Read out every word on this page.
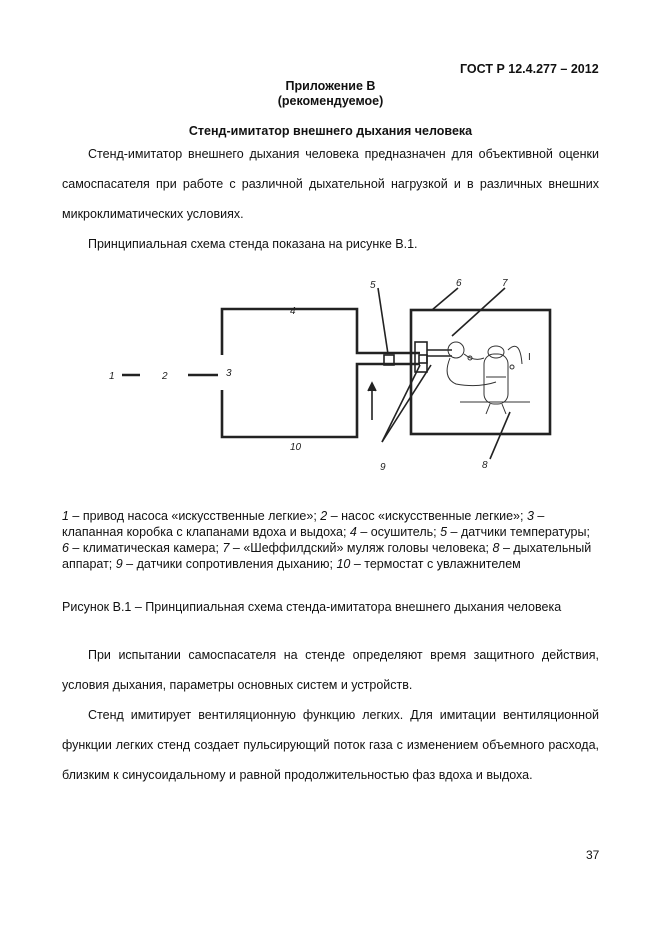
ГОСТ Р 12.4.277 – 2012
Приложение В
(рекомендуемое)
Стенд-имитатор внешнего дыхания человека

Стенд-имитатор внешнего дыхания человека предназначен для объективной оценки самоспасателя при работе с различной дыхательной нагрузкой и в различных внешних микроклиматических условиях.

Принципиальная схема стенда показана на рисунке В.1.

1	2	3
4
5	6	7
8
9
10
I
1 – привод насоса «искусственные легкие»; 2 – насос «искусственные легкие»; 3 – клапанная коробка с клапанами вдоха и выдоха; 4 – осушитель; 5 – датчики температуры; 6 – климатическая камера; 7 – «Шеффилдский» муляж головы человека; 8 – дыхательный аппарат; 9 – датчики сопротивления дыханию; 10 – термостат с увлажнителем
Рисунок В.1 – Принципиальная схема стенда-имитатора внешнего дыхания человека

При испытании самоспасателя на стенде определяют время защитного действия, условия дыхания, параметры основных систем и устройств.

Стенд имитирует вентиляционную функцию легких. Для имитации вентиляционной функции легких стенд создает пульсирующий поток газа с изменением объемного расхода, близким к синусоидальному и равной продолжительностью фаз вдоха и выдоха.

37
